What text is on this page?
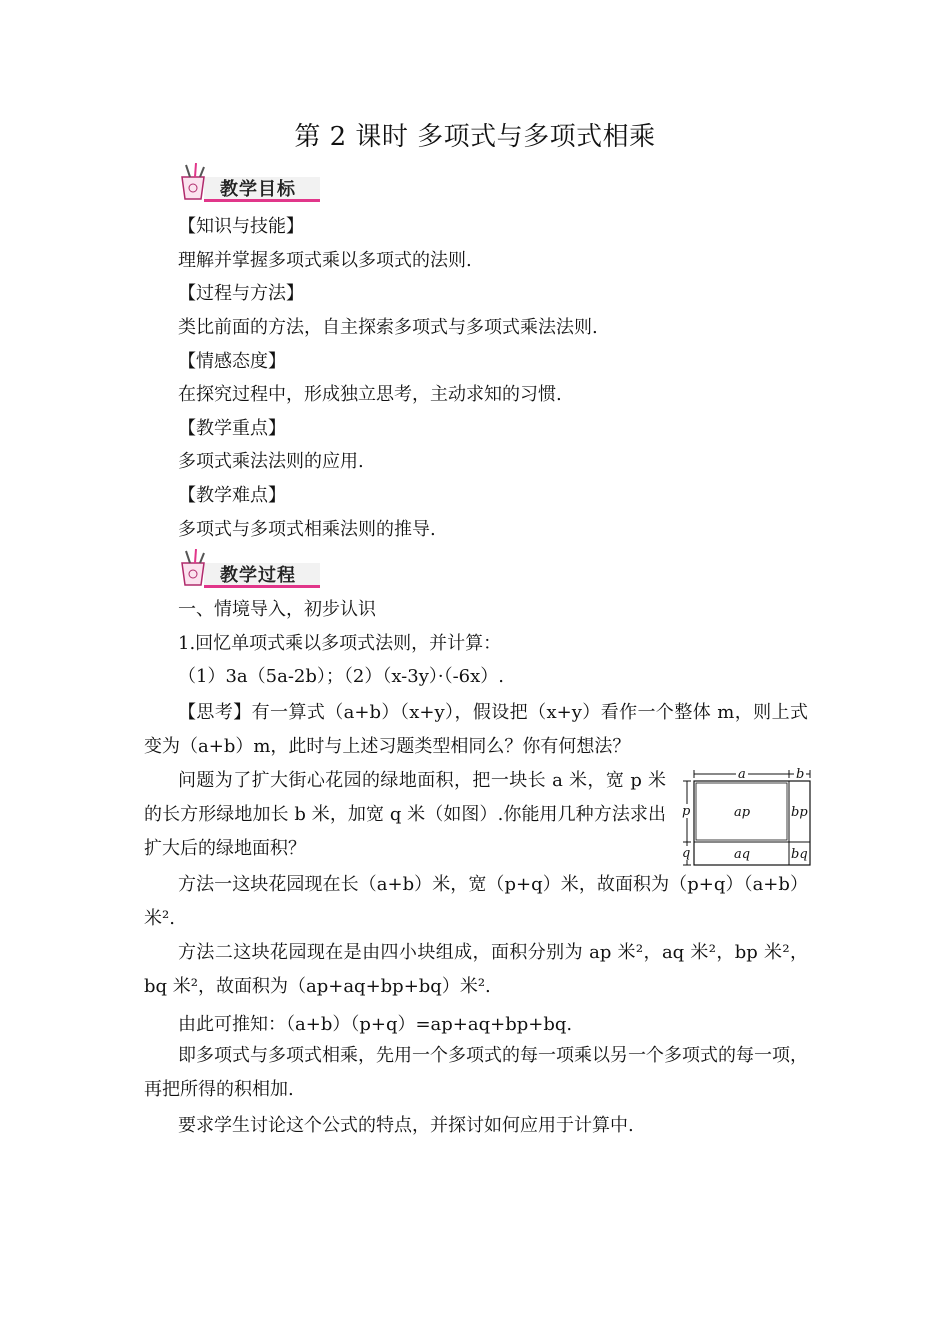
第 2 课时 多项式与多项式相乘
教学目标
【知识与技能】
理解并掌握多项式乘以多项式的法则.
【过程与方法】
类比前面的方法，自主探索多项式与多项式乘法法则.
【情感态度】
在探究过程中，形成独立思考，主动求知的习惯.
【教学重点】
多项式乘法法则的应用.
【教学难点】
多项式与多项式相乘法则的推导.
教学过程
一、情境导入，初步认识
1.回忆单项式乘以多项式法则，并计算：
（1）3a（5a-2b）；（2）（x-3y）·（-6x）.
【思考】有一算式（a+b）（x+y），假设把（x+y）看作一个整体 m，则上式变为（a+b）m，此时与上述习题类型相同么？你有何想法？
问题为了扩大街心花园的绿地面积，把一块长 a 米，宽 p 米的长方形绿地加长 b 米，加宽 q 米（如图）.你能用几种方法求出扩大后的绿地面积？
a	b
p
q
ap	bp
aq	bq
方法一这块花园现在长（a+b）米，宽（p+q）米，故面积为（p+q）（a+b）米².
方法二这块花园现在是由四小块组成，面积分别为 ap 米²，aq 米²，bp 米²，bq 米²，故面积为（ap+aq+bp+bq）米².
由此可推知：（a+b）（p+q）=ap+aq+bp+bq.
即多项式与多项式相乘，先用一个多项式的每一项乘以另一个多项式的每一项，再把所得的积相加.
要求学生讨论这个公式的特点，并探讨如何应用于计算中.
